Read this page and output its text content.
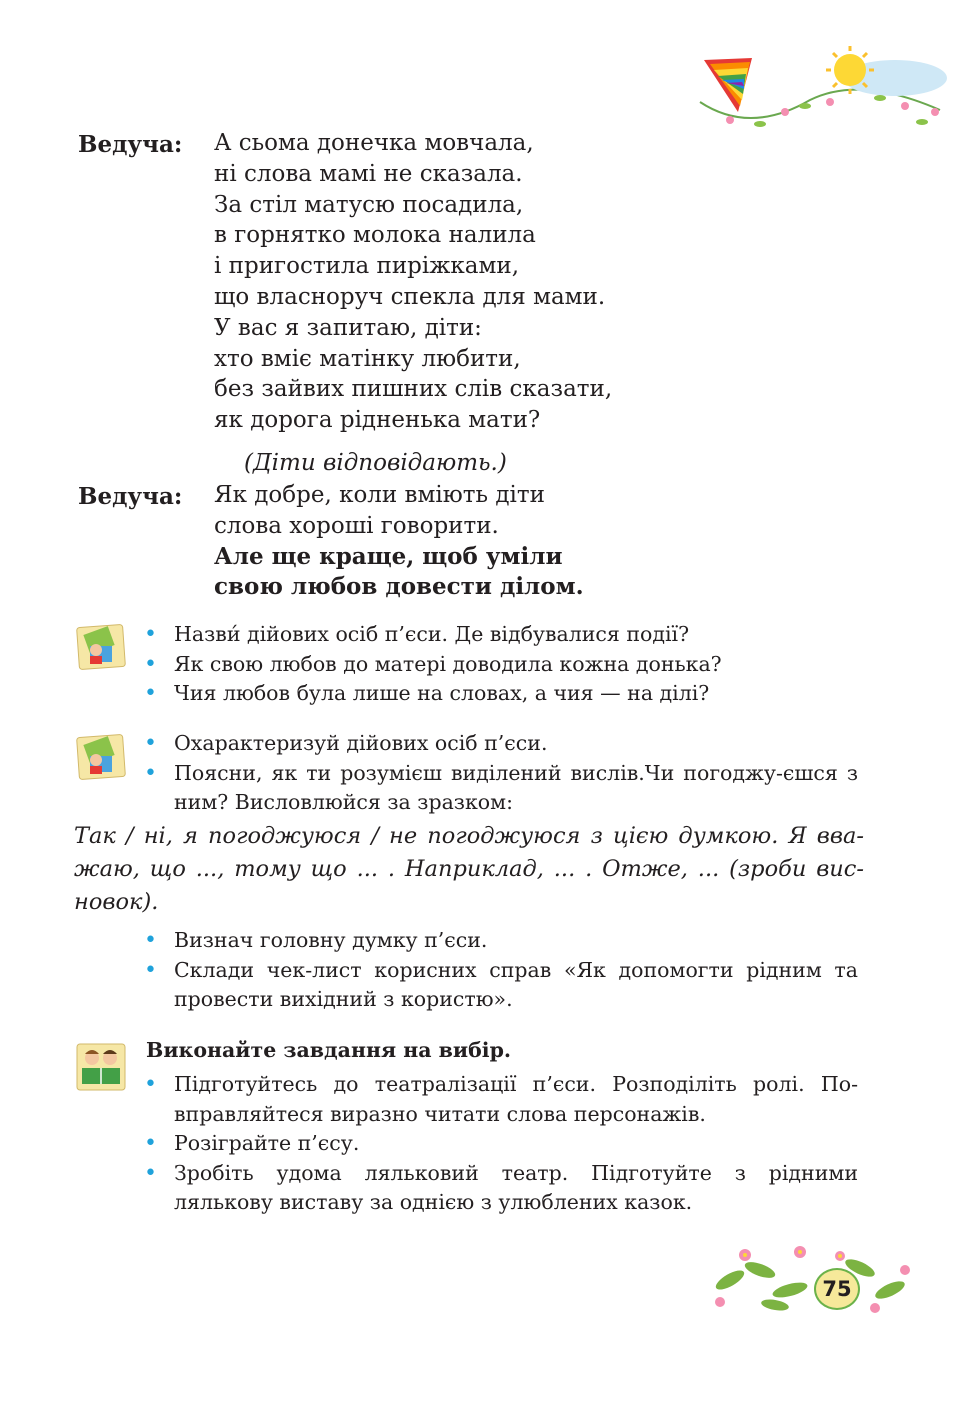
Ведуча: А сьома донечка мовчала,
ні слова мамі не сказала.
За стіл матусю посадила,
в горнятко молока налила
і пригостила пиріжками,
що власноруч спекла для мами.
У вас я запитаю, діти:
хто вміє матінку любити,
без зайвих пишних слів сказати,
як дорога рідненька мати?
(Діти відповідають.)
Ведуча: Як добре, коли вміють діти
слова хороші говорити.
Але ще краще, щоб уміли
свою любов довести ділом.
• Назви́ дійових осіб п’єси. Де відбувалися події?
• Як свою любов до матері доводила кожна донька?
• Чия любов була лише на словах, а чия — на ділі?
• Охарактеризуй дійових осіб п’єси.
• Поясни, як ти розумієш виділений вислів.Чи погоджу-єшся з ним? Висловлюйся за зразком:
Так / ні, я погоджуюся / не погоджуюся з цією думкою. Я вва-жаю, що ..., тому що ... . Наприклад, ... . Отже, ... (зроби вис-новок).
• Визнач головну думку п’єси.
• Склади чек-лист корисних справ «Як допомогти рідним та провести вихідний з користю».
Виконайте завдання на вибір.
• Підготуйтесь до театралізації п’єси. Розподіліть ролі. По-вправляйтеся виразно читати слова персонажів.
• Розіграйте п’єсу.
• Зробіть удома ляльковий театр. Підготуйте з рідними лялькову виставу за однією з улюблених казок.
75
